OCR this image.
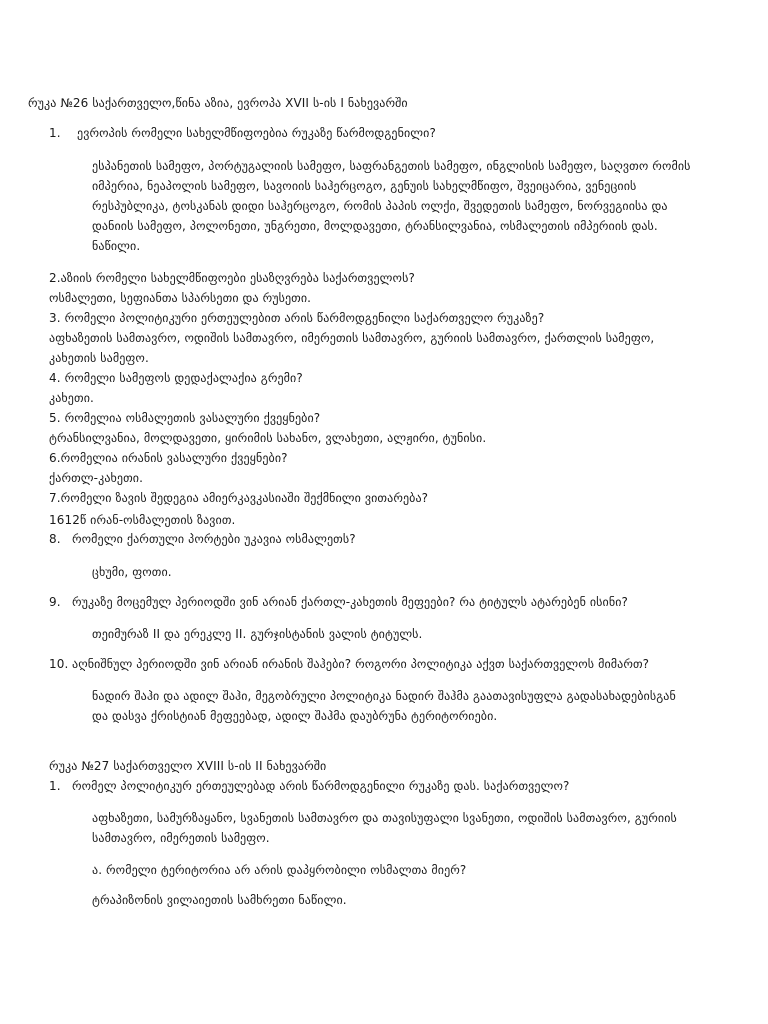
რუკა №26 საქართველო,წინა აზია, ევროპა XVII ს-ის I ნახევარში
1. ევროპის რომელი სახელმწიფოებია რუკაზე წარმოდგენილი?
ესპანეთის სამეფო, პორტუგალიის სამეფო, საფრანგეთის სამეფო, ინგლისის სამეფო, საღვთო რომის
იმპერია, ნეაპოლის სამეფო, სავოიის საჰერცოგო, გენუის სახელმწიფო, შვეიცარია, ვენეციის
რესპუბლიკა, ტოსკანას დიდი საჰერცოგო, რომის პაპის ოლქი, შვედეთის სამეფო, ნორვეგიისა და
დანიის სამეფო, პოლონეთი, უნგრეთი, მოლდავეთი, ტრანსილვანია, ოსმალეთის იმპერიის დას.
ნაწილი.
2.აზიის რომელი სახელმწიფოები ესაზღვრება საქართველოს?
ოსმალეთი, სეფიანთა სპარსეთი და რუსეთი.
3. რომელი პოლიტიკური ერთეულებით არის წარმოდგენილი საქართველო რუკაზე?
აფხაზეთის სამთავრო, ოდიშის სამთავრო, იმერეთის სამთავრო, გურიის სამთავრო, ქართლის სამეფო,
კახეთის სამეფო.
4. რომელი სამეფოს დედაქალაქია გრემი?
კახეთი.
5. რომელია ოსმალეთის ვასალური ქვეყნები?
ტრანსილვანია, მოლდავეთი, ყირიმის სახანო, ვლახეთი, ალჟირი, ტუნისი.
6.რომელია ირანის ვასალური ქვეყნები?
ქართლ-კახეთი.
7.რომელი ზავის შედეგია ამიერკავკასიაში შექმნილი ვითარება?
1612წ ირან-ოსმალეთის ზავით.
8. რომელი ქართული პორტები უკავია ოსმალეთს?
ცხუმი, ფოთი.
9. რუკაზე მოცემულ პერიოდში ვინ არიან ქართლ-კახეთის მეფეები? რა ტიტულს ატარებენ ისინი?
თეიმურაზ II და ერეკლე II. გურჯისტანის ვალის ტიტულს.
10. აღნიშნულ პერიოდში ვინ არიან ირანის შაჰები? როგორი პოლიტიკა აქვთ საქართველოს მიმართ?
ნადირ შაჰი და ადილ შაჰი, მეგობრული პოლიტიკა ნადირ შაჰმა გაათავისუფლა გადასახადებისგან
და დასვა ქრისტიან მეფეებად, ადილ შაჰმა დაუბრუნა ტერიტორიები.
რუკა №27 საქართველო XVIII ს-ის II ნახევარში
1. რომელ პოლიტიკურ ერთეულებად არის წარმოდგენილი რუკაზე დას. საქართველო?
აფხაზეთი, სამურზაყანო, სვანეთის სამთავრო და თავისუფალი სვანეთი, ოდიშის სამთავრო, გურიის
სამთავრო, იმერეთის სამეფო.
ა. რომელი ტერიტორია არ არის დაპყრობილი ოსმალთა მიერ?
ტრაპიზონის ვილაიეთის სამხრეთი ნაწილი.
